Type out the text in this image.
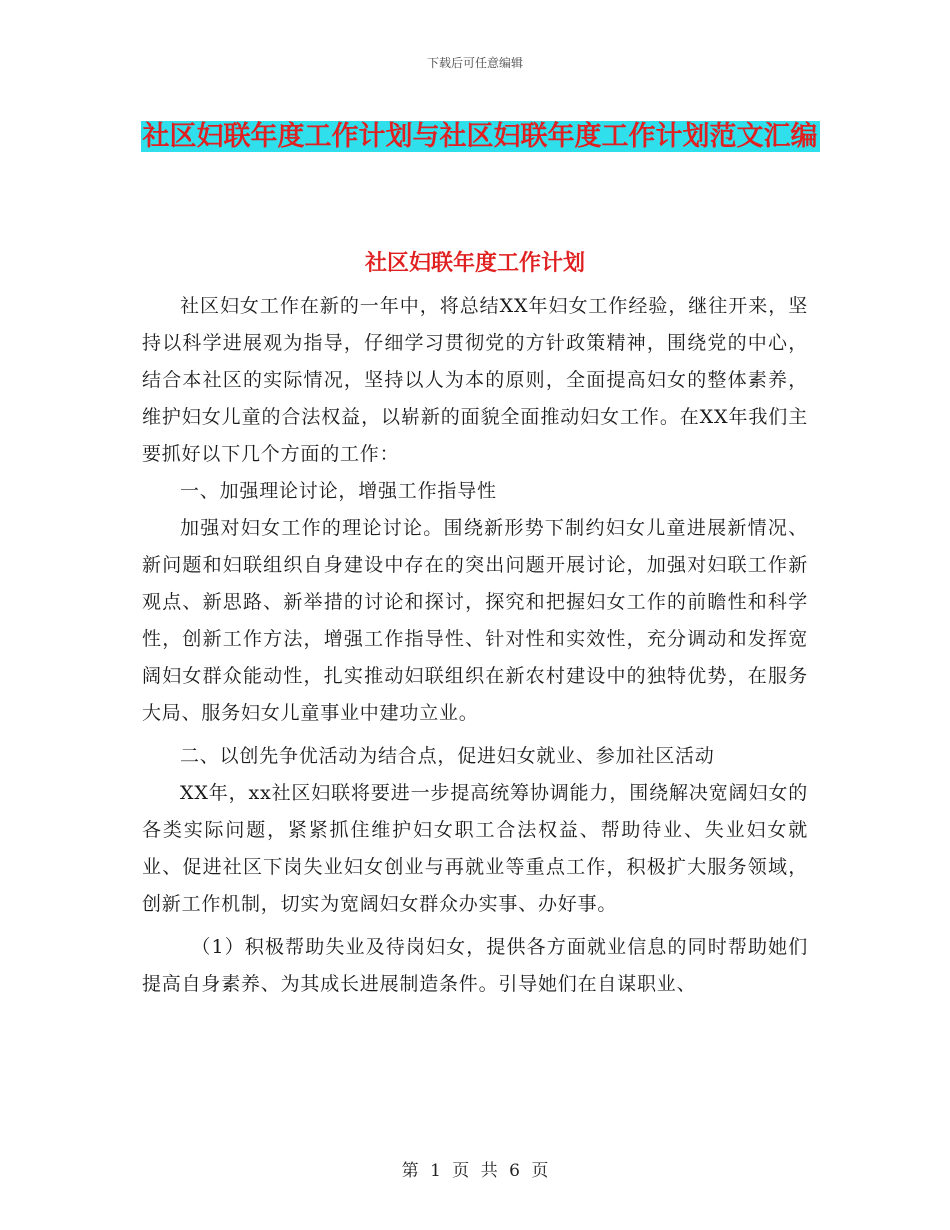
下载后可任意编辑
社区妇联年度工作计划与社区妇联年度工作计划范文汇编
社区妇联年度工作计划

社区妇女工作在新的一年中，将总结XX年妇女工作经验，继往开来，坚持以科学进展观为指导，仔细学习贯彻党的方针政策精神，围绕党的中心，结合本社区的实际情况，坚持以人为本的原则，全面提高妇女的整体素养，维护妇女儿童的合法权益，以崭新的面貌全面推动妇女工作。在XX年我们主要抓好以下几个方面的工作：

一、加强理论讨论，增强工作指导性

加强对妇女工作的理论讨论。围绕新形势下制约妇女儿童进展新情况、新问题和妇联组织自身建设中存在的突出问题开展讨论，加强对妇联工作新观点、新思路、新举措的讨论和探讨，探究和把握妇女工作的前瞻性和科学性，创新工作方法，增强工作指导性、针对性和实效性，充分调动和发挥宽阔妇女群众能动性，扎实推动妇联组织在新农村建设中的独特优势，在服务大局、服务妇女儿童事业中建功立业。

二、以创先争优活动为结合点，促进妇女就业、参加社区活动

XX年，xx社区妇联将要进一步提高统筹协调能力，围绕解决宽阔妇女的各类实际问题，紧紧抓住维护妇女职工合法权益、帮助待业、失业妇女就业、促进社区下岗失业妇女创业与再就业等重点工作，积极扩大服务领域，创新工作机制，切实为宽阔妇女群众办实事、办好事。

（1）积极帮助失业及待岗妇女，提供各方面就业信息的同时帮助她们提高自身素养、为其成长进展制造条件。引导她们在自谋职业、

第 1 页 共 6 页
